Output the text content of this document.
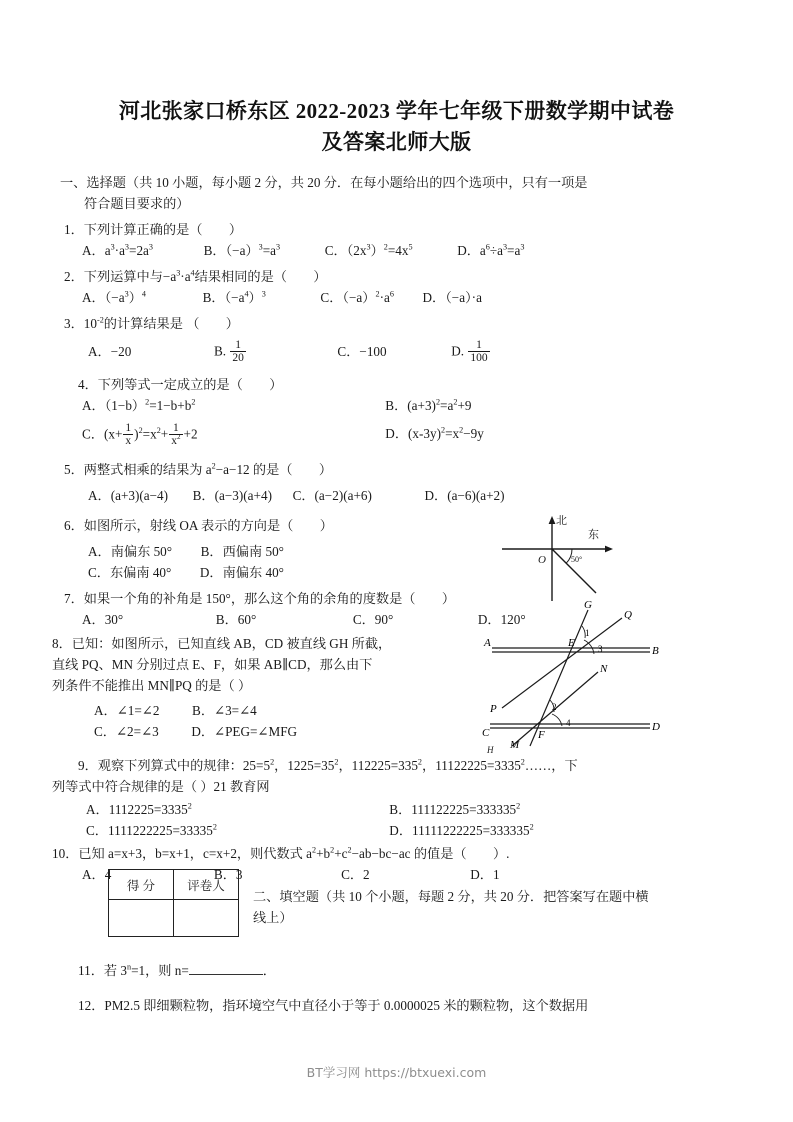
河北张家口桥东区 2022-2023 学年七年级下册数学期中试卷
及答案北师大版
一、选择题（共 10 小题，每小题 2 分，共 20 分．在每小题给出的四个选项中，只有一项是
符合题目要求的）
1．下列计算正确的是（　　）
A．$a^3\cdot a^3=2a^3$	B．$(-a)^3=a^3$	C．$(2x^3)^2=4x^5$	D．$a^6\div a^3=a^3$
2．下列运算中与$-a^3\cdot a^4$结果相同的是（　　）
A．$(-a^3)^4$	B．$(-a^4)^3$	C．$(-a)^2\cdot a^6$ D．（−a）·a
3．$10^{-2}$的计算结果是 （　　）
A．−20	B. $\frac{1}{20}$	C．−100	D. $\frac{1}{100}$
4．下列等式一定成立的是（　　）
A．$(1-b)^2=1-b+b^2$	B．$(a+3)^2=a^2+9$
C．$(x+ \frac{1}{x} )^2=x^2+ \frac{1}{x^2} +2$	D．$(x-3y)^2=x^2-9y$
5．两整式相乘的结果为 $a^2-a-12$ 的是（　　）
A．(a+3)(a−4) B．(a−3)(a+4) C．(a−2)(a+6)	D．(a−6)(a+2)
6．如图所示，射线 OA 表示的方向是（　　）
A．南偏东 50° B．西偏南 50°
C．东偏南 40° D．南偏东 40°
7．如果一个角的补角是 150°，那么这个角的余角的度数是（　　）
A．30°	B．60°	C．90°	D．120°
8．已知：如图所示，已知直线 AB，CD 被直线 GH 所截，
直线 PQ、MN 分别过点 E、F，如果 AB∥CD，那么由下
列条件不能推出 MN∥PQ 的是（ ）
A．∠1=∠2 B．∠3=∠4
C．∠2=∠3 D．∠PEG=∠MFG
9．观察下列算式中的规律：$25=5^2$，$1225=35^2$，$112225=335^2$，$11122225=3335^2\dots\dots$，下
列等式中符合规律的是（ ）21 教育网
A．$1112225=3335^2$	B．$111122225=333335^2$
C．$1111222225=33335^2$	D．$11111222225=333335^2$
10．已知 a=x+3，b=x+1，c=x+2，则代数式 $a^2+b^2+c^2-ab-bc-ac$ 的值是（　　）.
A．4	B．3	C．2	D．1
得 分	评卷人

二、填空题（共 10 个小题，每题 2 分，共 20 分．把答案写在题中横
线上）
11．若 $3^n=1$，则 n=	．
12．PM2.5 即细颗粒物，指环境空气中直径小于等于 0.0000025 米的颗粒物，这个数据用
北
东
O	50°
A
B
C	D
G
Q
P
N
M
E
F
1
2
3
4
H
BT学习网 https://btxuexi.com
